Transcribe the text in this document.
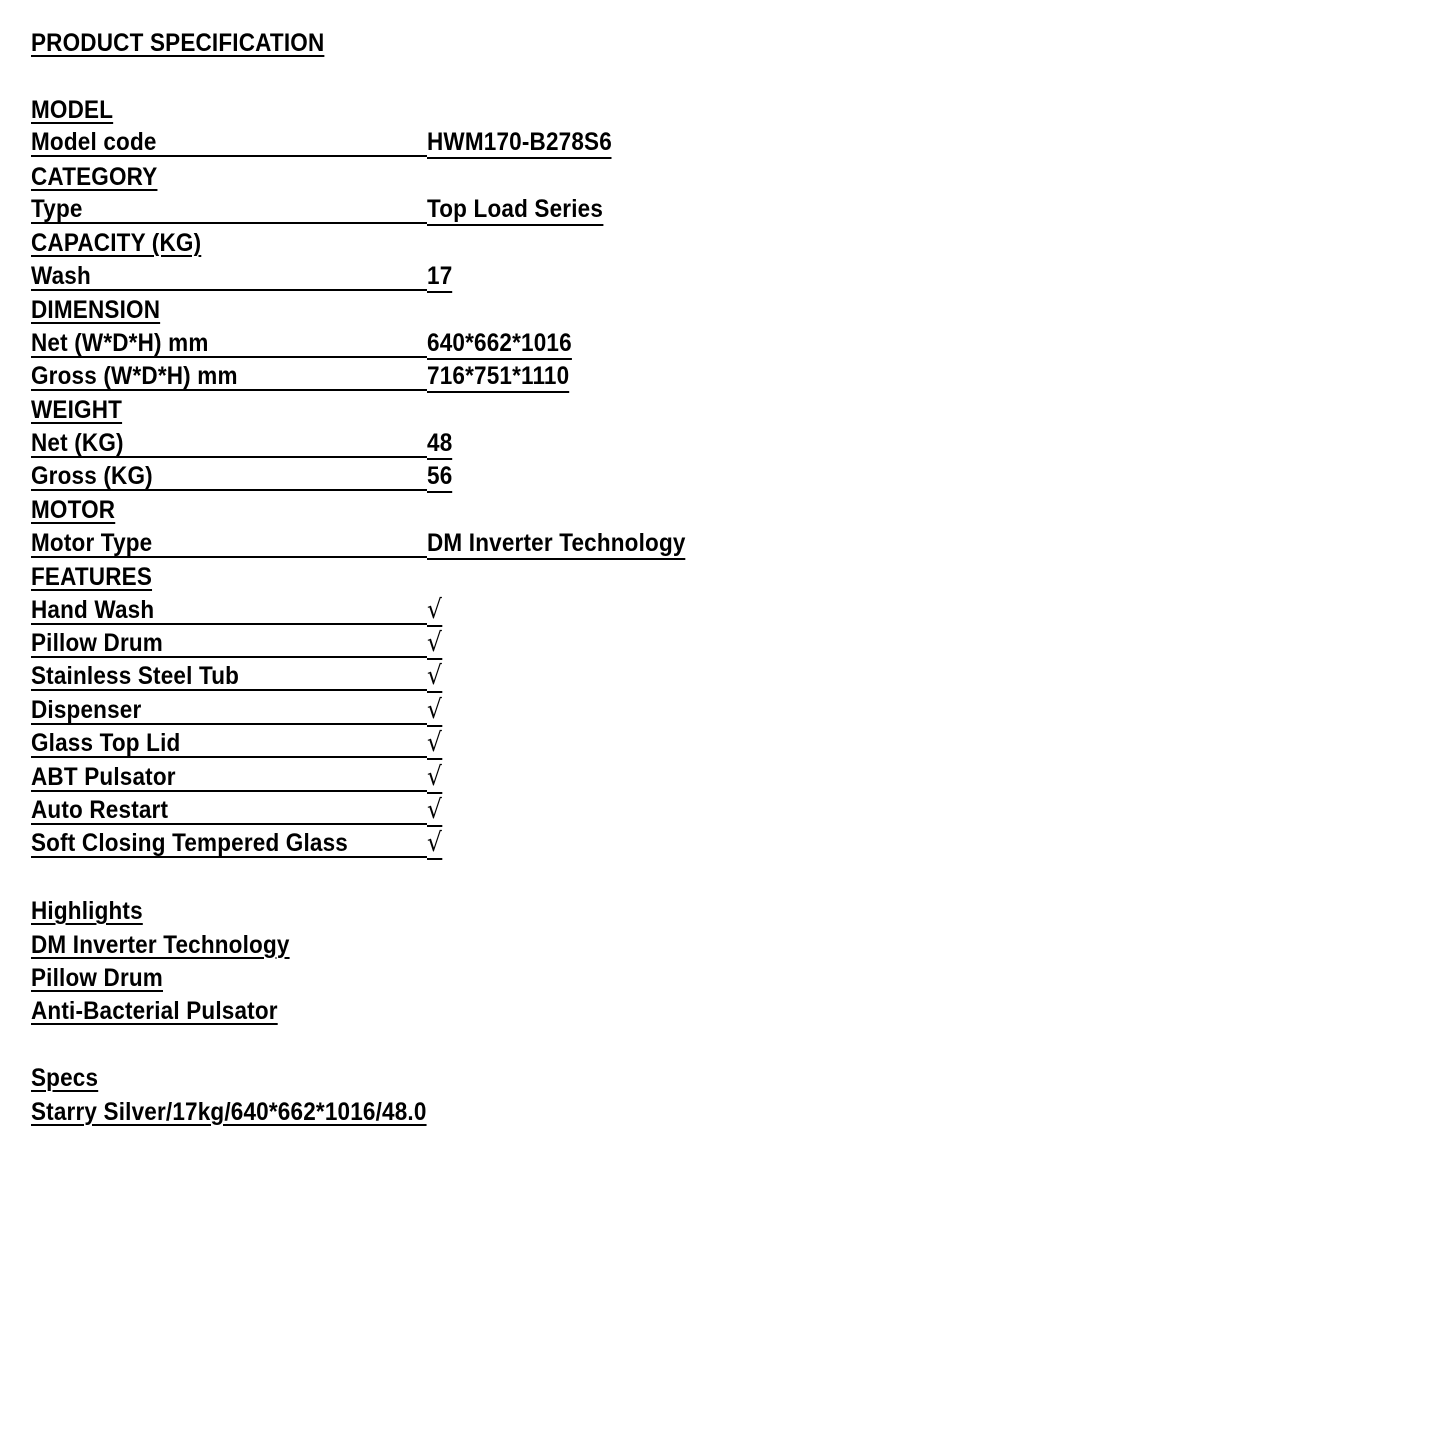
PRODUCT SPECIFICATION
MODEL
Model code	HWM170-B278S6
CATEGORY
Type	Top Load Series
CAPACITY (KG)
Wash	17
DIMENSION
Net (W*D*H) mm	640*662*1016
Gross (W*D*H) mm	716*751*1110
WEIGHT
Net (KG)	48
Gross (KG)	56
MOTOR
Motor Type	DM Inverter Technology
FEATURES
Hand Wash	√
Pillow Drum	√
Stainless Steel Tub	√
Dispenser	√
Glass Top Lid	√
ABT Pulsator	√
Auto Restart	√
Soft Closing Tempered Glass	√
Highlights
DM Inverter Technology
Pillow Drum
Anti-Bacterial Pulsator
Specs
Starry Silver/17kg/640*662*1016/48.0
